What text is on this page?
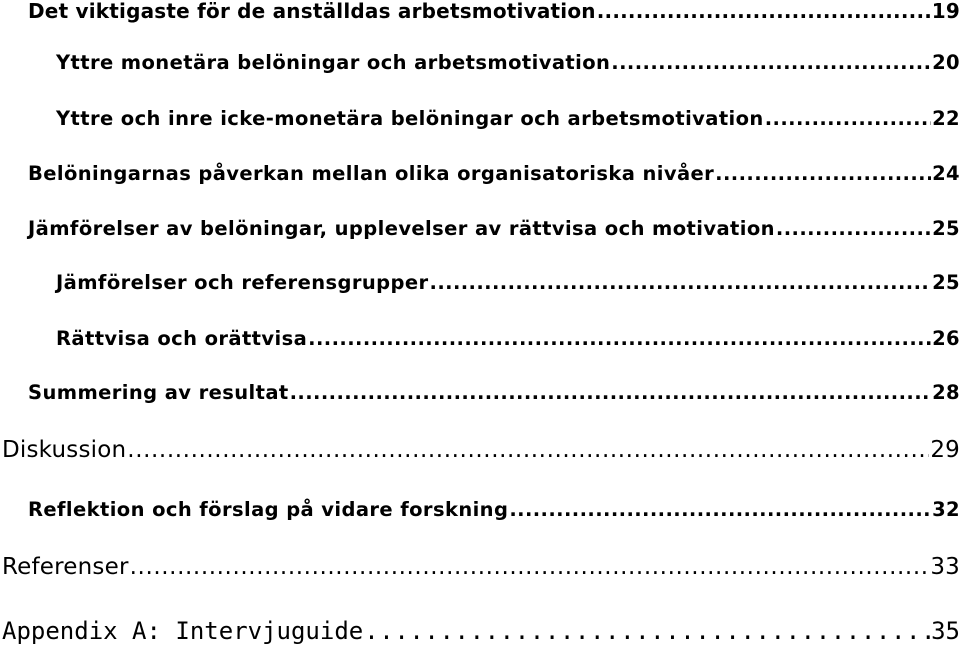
Det viktigaste för de anställdas arbetsmotivation .....	19
Yttre monetära belöningar och arbetsmotivation .....	20
Yttre och inre icke-monetära belöningar och arbetsmotivation .....	22
Belöningarnas påverkan mellan olika organisatoriska nivåer .....	24
Jämförelser av belöningar, upplevelser av rättvisa och motivation .....	25
Jämförelser och referensgrupper .....	25
Rättvisa och orättvisa .....	26
Summering av resultat .....	28
Diskussion .....	29
Reflektion och förslag på vidare forskning .....	32
Referenser .....	33
Appendix A: Intervjuguide .....	35
